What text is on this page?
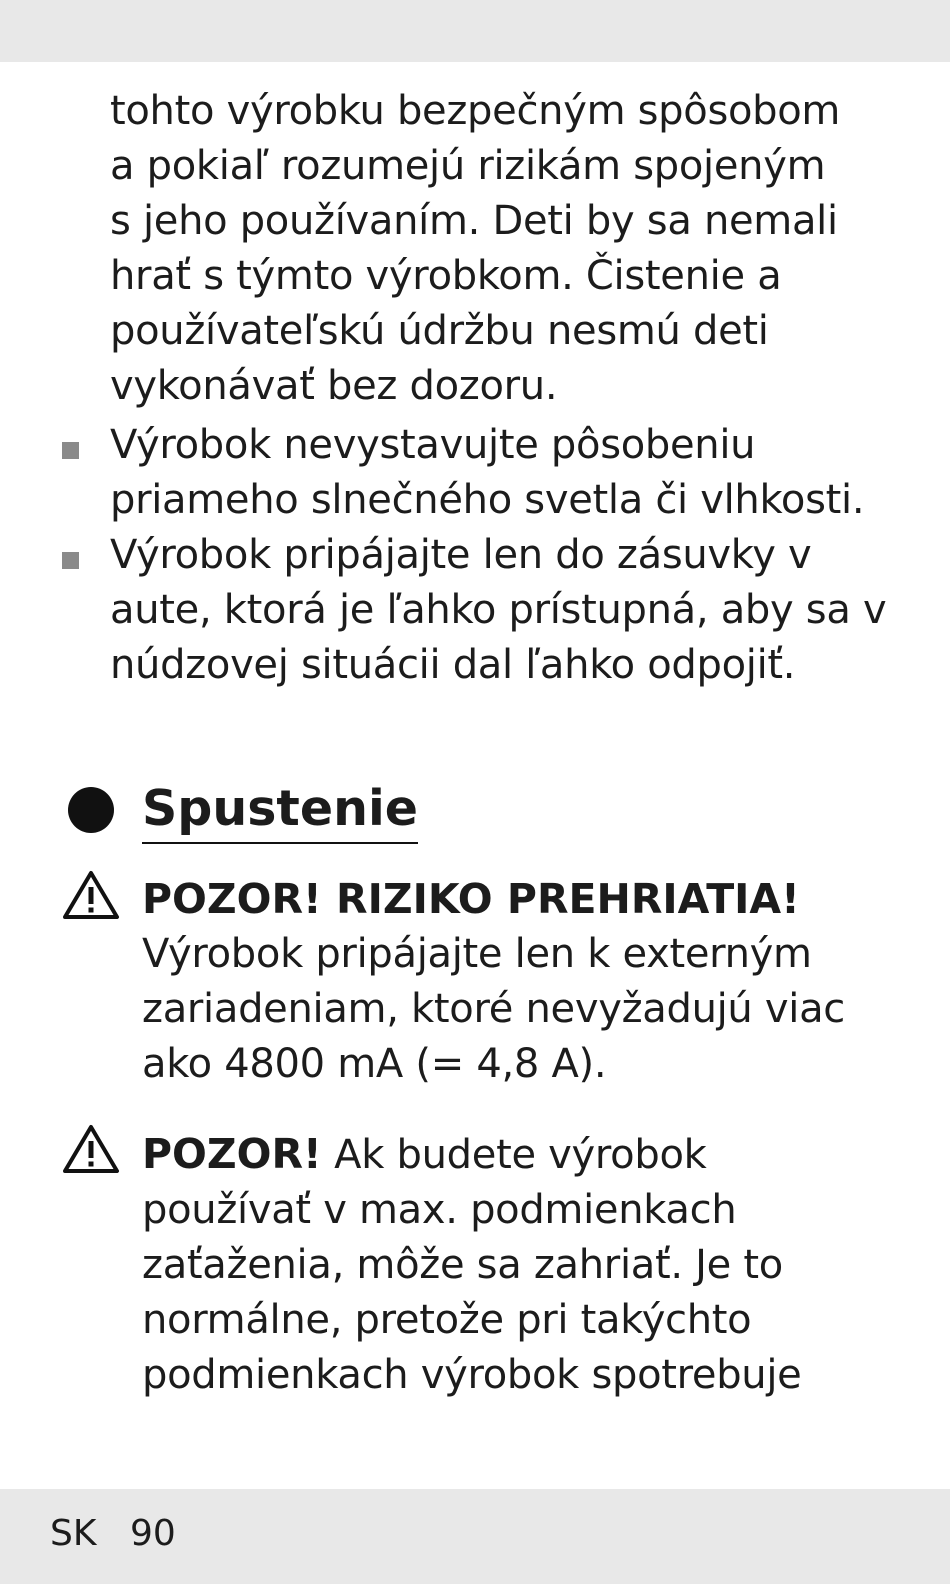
tohto výrobku bezpečným spôsobom
a pokiaľ rozumejú rizikám spojeným
s jeho používaním. Deti by sa nemali
hrať s týmto výrobkom. Čistenie a
používateľskú údržbu nesmú deti
vykonávať bez dozoru.
Výrobok nevystavujte pôsobeniu
priameho slnečného svetla či vlhkosti.
Výrobok pripájajte len do zásuvky v
aute, ktorá je ľahko prístupná, aby sa v
núdzovej situácii dal ľahko odpojiť.
Spustenie
POZOR! RIZIKO PREHRIATIA!
Výrobok pripájajte len k externým
zariadeniam, ktoré nevyžadujú viac
ako 4800 mA (= 4,8 A).
POZOR! Ak budete výrobok
používať v max. podmienkach
zaťaženia, môže sa zahriať. Je to
normálne, pretože pri takýchto
podmienkach výrobok spotrebuje
SK 90
